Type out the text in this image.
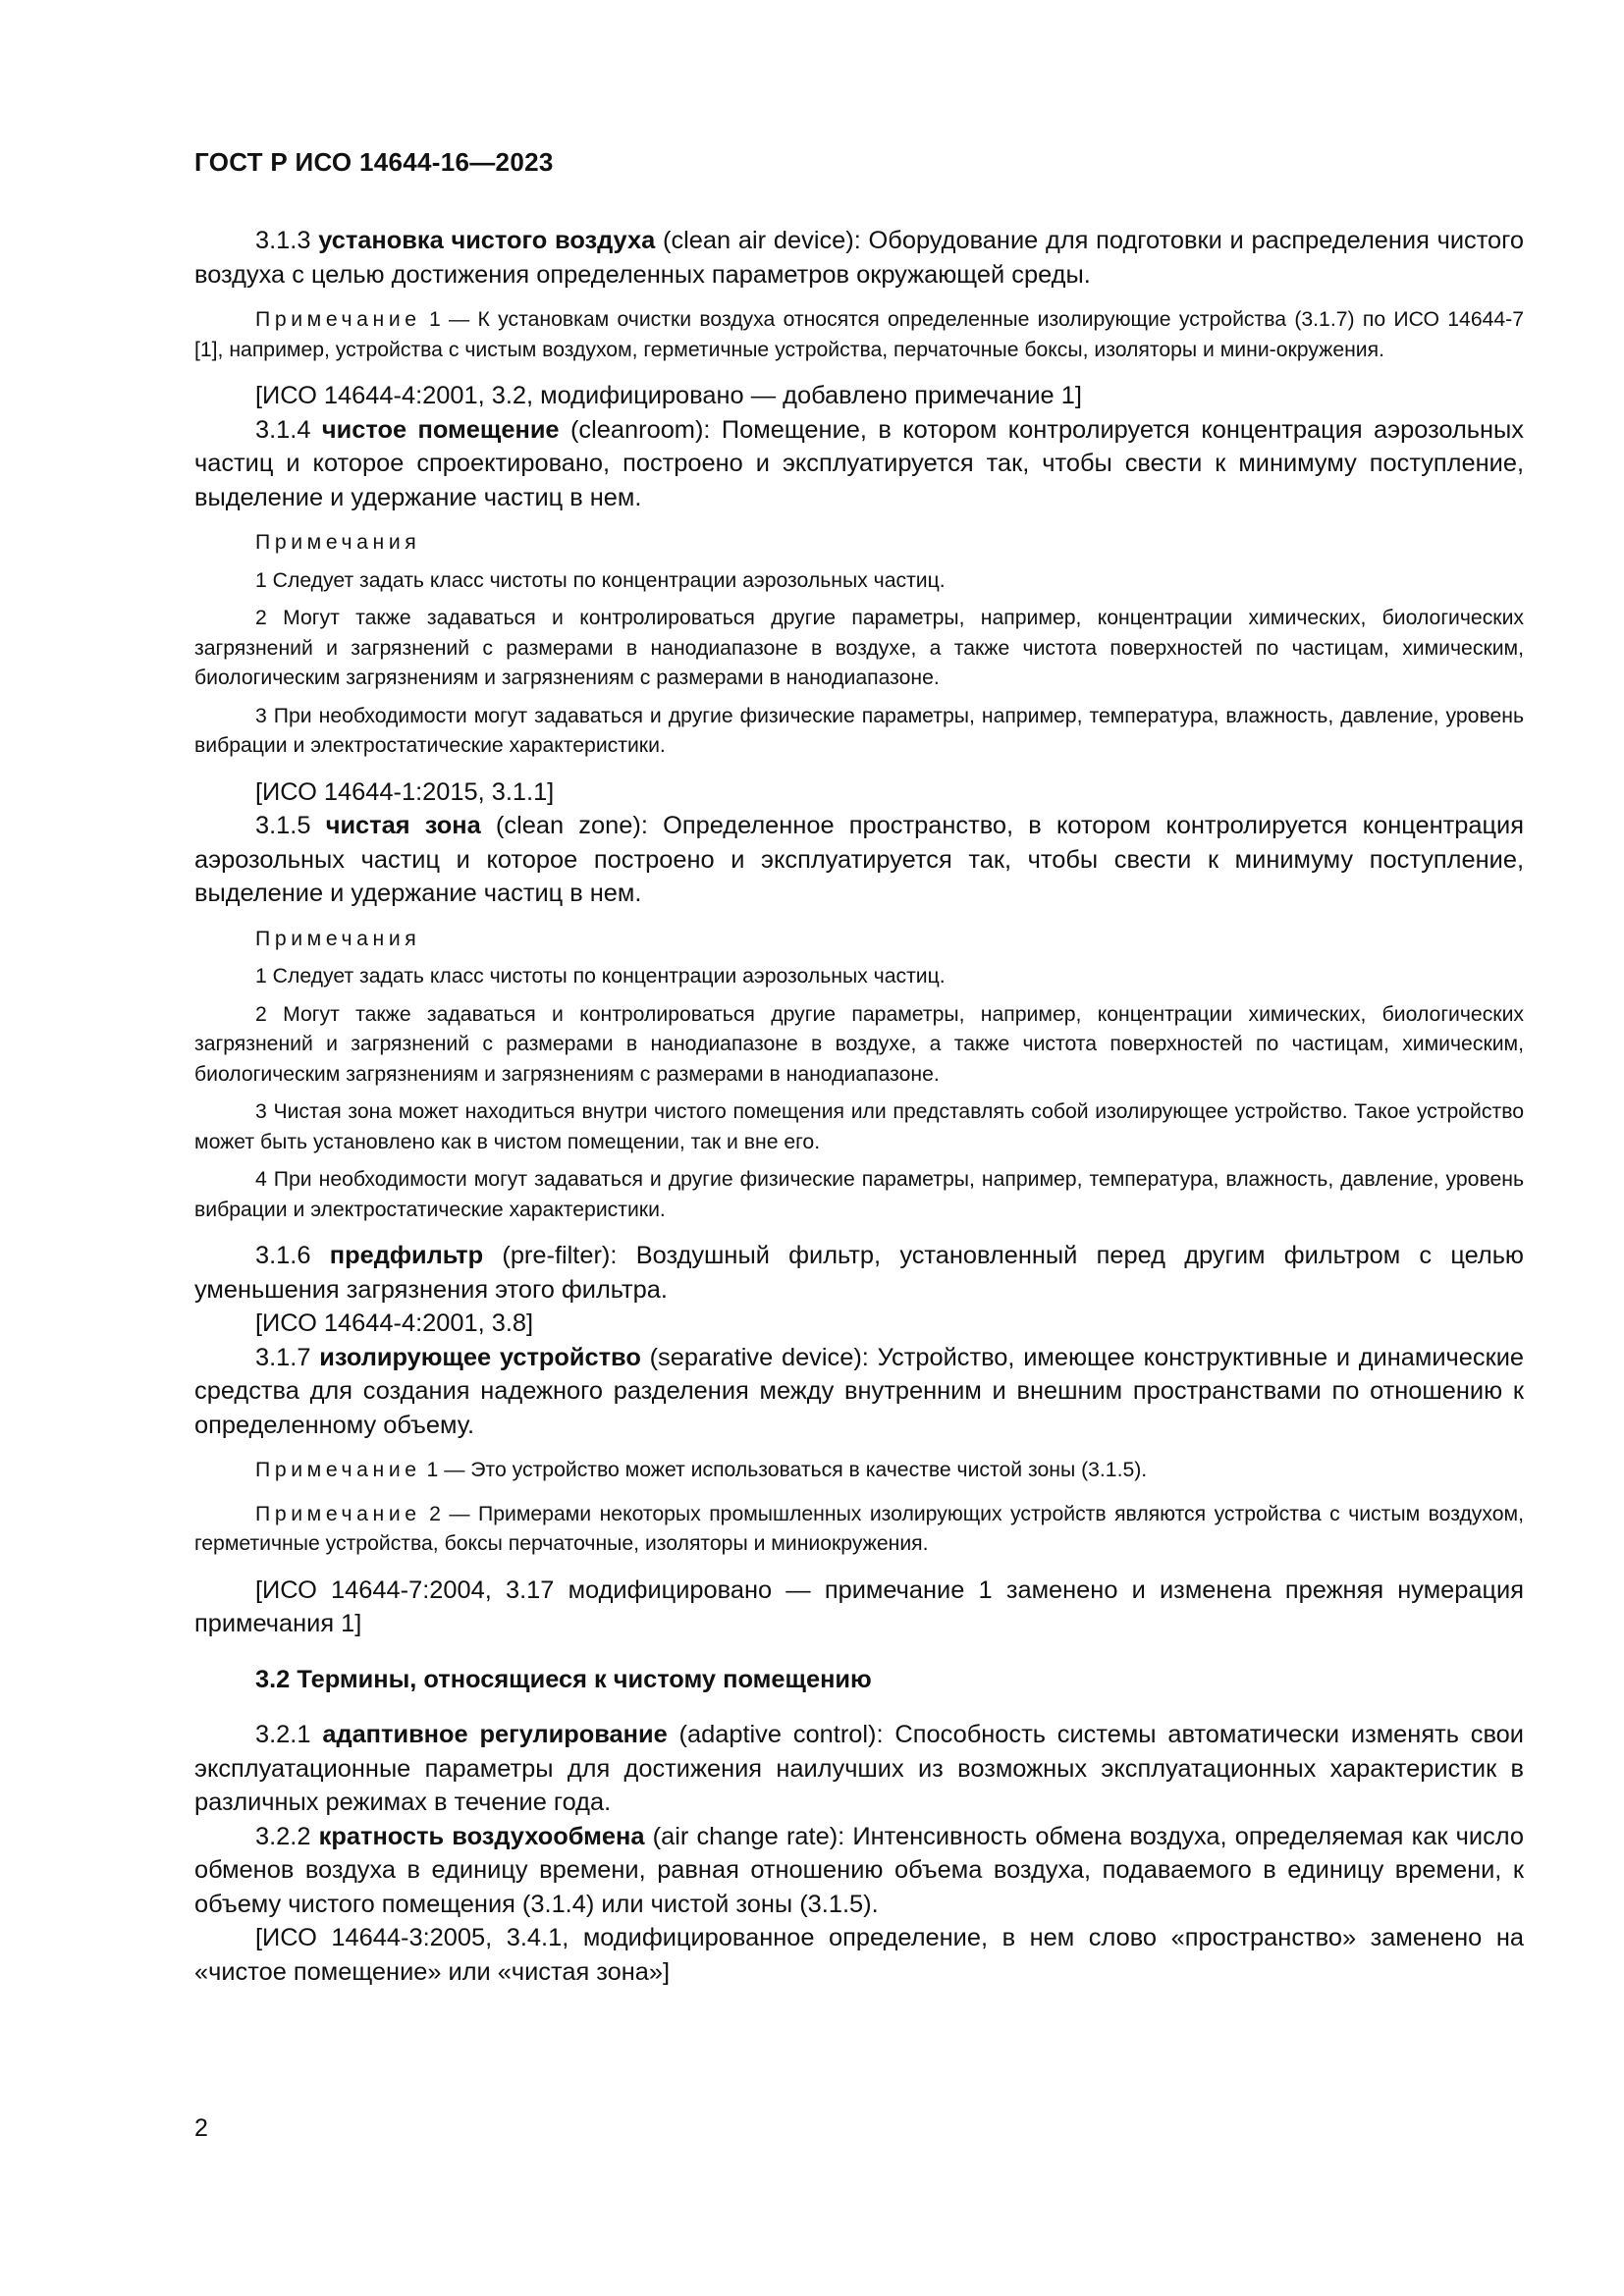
ГОСТ Р ИСО 14644-16—2023

3.1.3 установка чистого воздуха (clean air device): Оборудование для подготовки и распределения чистого воздуха с целью достижения определенных параметров окружающей среды.

Примечание 1 — К установкам очистки воздуха относятся определенные изолирующие устройства (3.1.7) по ИСО 14644-7 [1], например, устройства с чистым воздухом, герметичные устройства, перчаточные боксы, изоляторы и мини-окружения.

[ИСО 14644-4:2001, 3.2, модифицировано — добавлено примечание 1]

3.1.4 чистое помещение (cleanroom): Помещение, в котором контролируется концентрация аэрозольных частиц и которое спроектировано, построено и эксплуатируется так, чтобы свести к минимуму поступление, выделение и удержание частиц в нем.

Примечания

1 Следует задать класс чистоты по концентрации аэрозольных частиц.

2 Могут также задаваться и контролироваться другие параметры, например, концентрации химических, биологических загрязнений и загрязнений с размерами в нанодиапазоне в воздухе, а также чистота поверхностей по частицам, химическим, биологическим загрязнениям и загрязнениям с размерами в нанодиапазоне.

3 При необходимости могут задаваться и другие физические параметры, например, температура, влажность, давление, уровень вибрации и электростатические характеристики.

[ИСО 14644-1:2015, 3.1.1]

3.1.5 чистая зона (clean zone): Определенное пространство, в котором контролируется концентрация аэрозольных частиц и которое построено и эксплуатируется так, чтобы свести к минимуму поступление, выделение и удержание частиц в нем.

Примечания

1 Следует задать класс чистоты по концентрации аэрозольных частиц.

2 Могут также задаваться и контролироваться другие параметры, например, концентрации химических, биологических загрязнений и загрязнений с размерами в нанодиапазоне в воздухе, а также чистота поверхностей по частицам, химическим, биологическим загрязнениям и загрязнениям с размерами в нанодиапазоне.

3 Чистая зона может находиться внутри чистого помещения или представлять собой изолирующее устройство. Такое устройство может быть установлено как в чистом помещении, так и вне его.

4 При необходимости могут задаваться и другие физические параметры, например, температура, влажность, давление, уровень вибрации и электростатические характеристики.

3.1.6 предфильтр (pre-filter): Воздушный фильтр, установленный перед другим фильтром с целью уменьшения загрязнения этого фильтра.

[ИСО 14644-4:2001, 3.8]

3.1.7 изолирующее устройство (separative device): Устройство, имеющее конструктивные и динамические средства для создания надежного разделения между внутренним и внешним пространствами по отношению к определенному объему.

Примечание 1 — Это устройство может использоваться в качестве чистой зоны (3.1.5).

Примечание 2 — Примерами некоторых промышленных изолирующих устройств являются устройства с чистым воздухом, герметичные устройства, боксы перчаточные, изоляторы и миниокружения.

[ИСО 14644-7:2004, 3.17 модифицировано — примечание 1 заменено и изменена прежняя нумерация примечания 1]

3.2 Термины, относящиеся к чистому помещению

3.2.1 адаптивное регулирование (adaptive control): Способность системы автоматически изменять свои эксплуатационные параметры для достижения наилучших из возможных эксплуатационных характеристик в различных режимах в течение года.

3.2.2 кратность воздухообмена (air change rate): Интенсивность обмена воздуха, определяемая как число обменов воздуха в единицу времени, равная отношению объема воздуха, подаваемого в единицу времени, к объему чистого помещения (3.1.4) или чистой зоны (3.1.5).

[ИСО 14644-3:2005, 3.4.1, модифицированное определение, в нем слово «пространство» заменено на «чистое помещение» или «чистая зона»]

2
